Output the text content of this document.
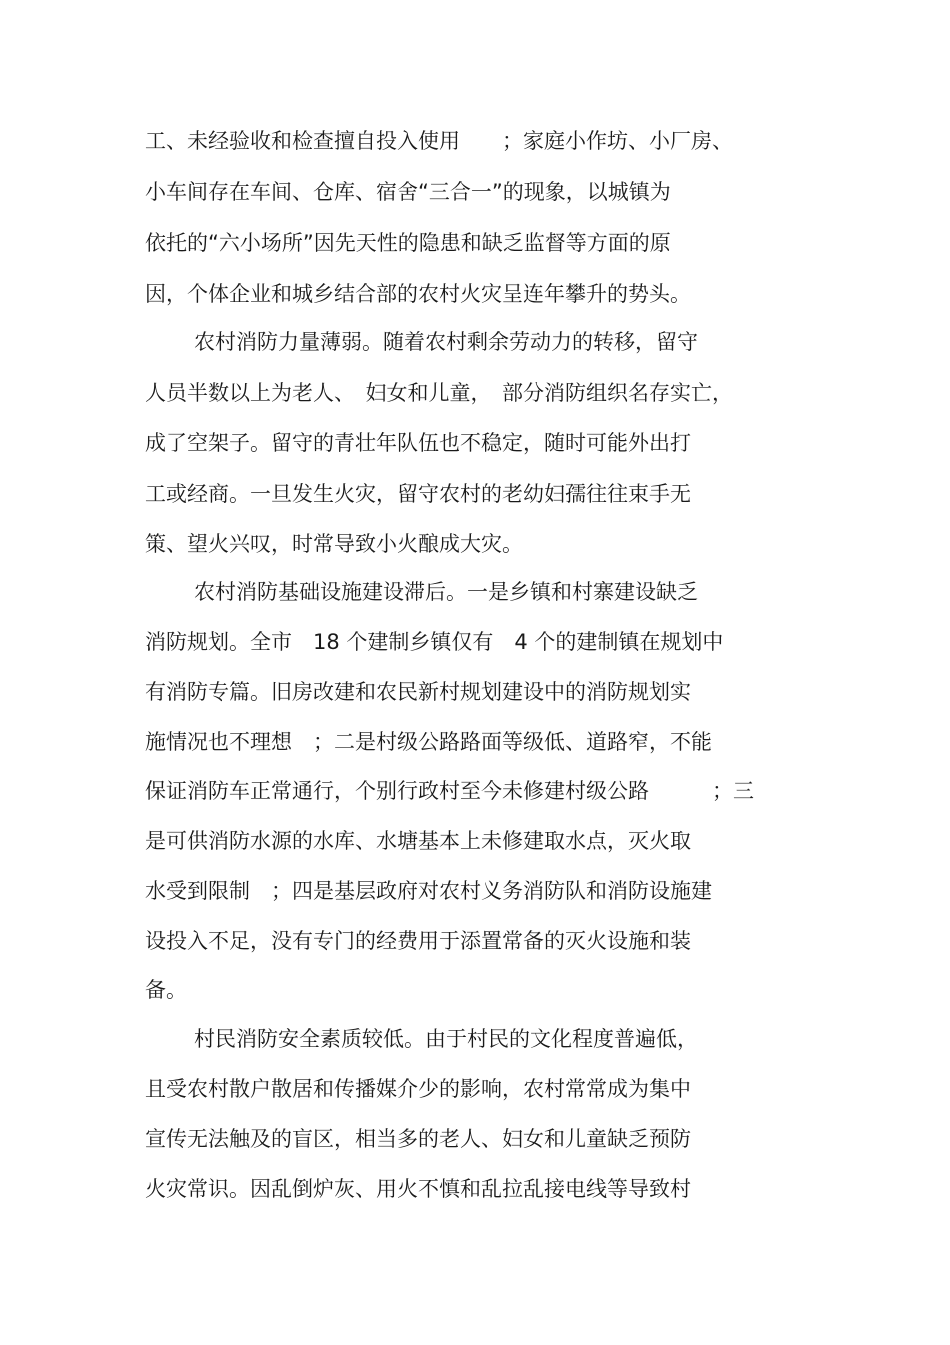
工、未经验收和检查擅自投入使用　　；家庭小作坊、小厂房、
小车间存在车间、仓库、宿舍“三合一”的现象，以城镇为
依托的“六小场所”因先天性的隐患和缺乏监督等方面的原
因，个体企业和城乡结合部的农村火灾呈连年攀升的势头。
农村消防力量薄弱。随着农村剩余劳动力的转移，留守
人员半数以上为老人、　妇女和儿童，　部分消防组织名存实亡，
成了空架子。留守的青壮年队伍也不稳定，随时可能外出打
工或经商。一旦发生火灾，留守农村的老幼妇孺往往束手无
策、望火兴叹，时常导致小火酿成大灾。
农村消防基础设施建设滞后。一是乡镇和村寨建设缺乏
消防规划。全市　18 个建制乡镇仅有　4 个的建制镇在规划中
有消防专篇。旧房改建和农民新村规划建设中的消防规划实
施情况也不理想　；二是村级公路路面等级低、道路窄，不能
保证消防车正常通行，个别行政村至今未修建村级公路　　　；三
是可供消防水源的水库、水塘基本上未修建取水点，灭火取
水受到限制　；四是基层政府对农村义务消防队和消防设施建
设投入不足，没有专门的经费用于添置常备的灭火设施和装
备。
村民消防安全素质较低。由于村民的文化程度普遍低，
且受农村散户散居和传播媒介少的影响，农村常常成为集中
宣传无法触及的盲区，相当多的老人、妇女和儿童缺乏预防
火灾常识。因乱倒炉灰、用火不慎和乱拉乱接电线等导致村
